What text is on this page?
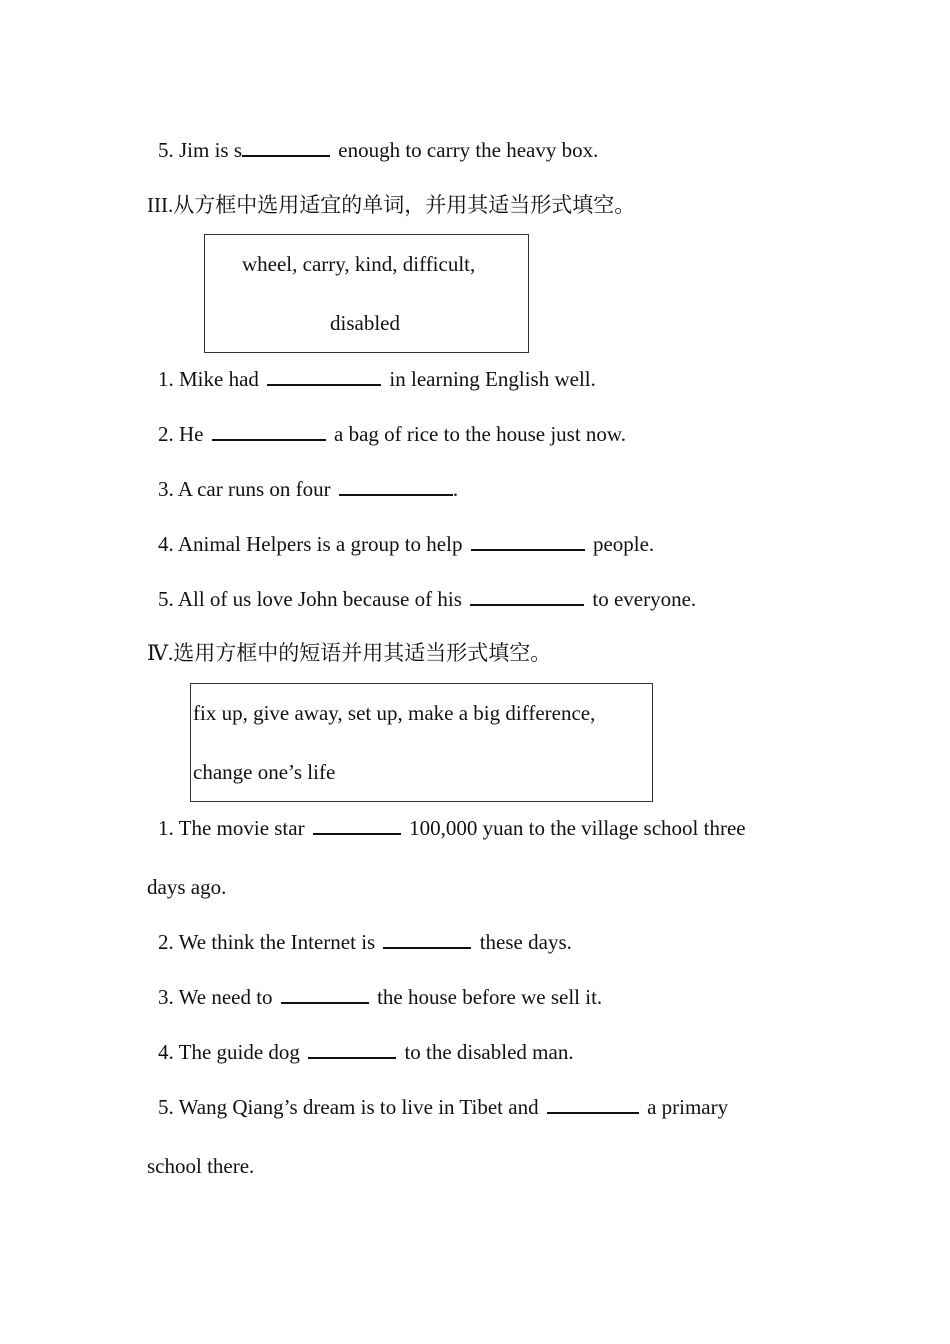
5. Jim is s	enough to carry the heavy box.
III.从方框中选用适宜的单词，并用其适当形式填空。
wheel, carry, kind, difficult,
disabled
1. Mike had	in learning English well.
2. He	a bag of rice to the house just now.
3. A car runs on four	.
4. Animal Helpers is a group to help	people.
5. All of us love John because of his	to everyone.
Ⅳ.选用方框中的短语并用其适当形式填空。
fix up, give away, set up, make a big difference,
change one’s life
1. The movie star	100,000 yuan to the village school three
days ago.
2. We think the Internet is	these days.
3. We need to	the house before we sell it.
4. The guide dog	to the disabled man.
5. Wang Qiang’s dream is to live in Tibet and	a primary
school there.
